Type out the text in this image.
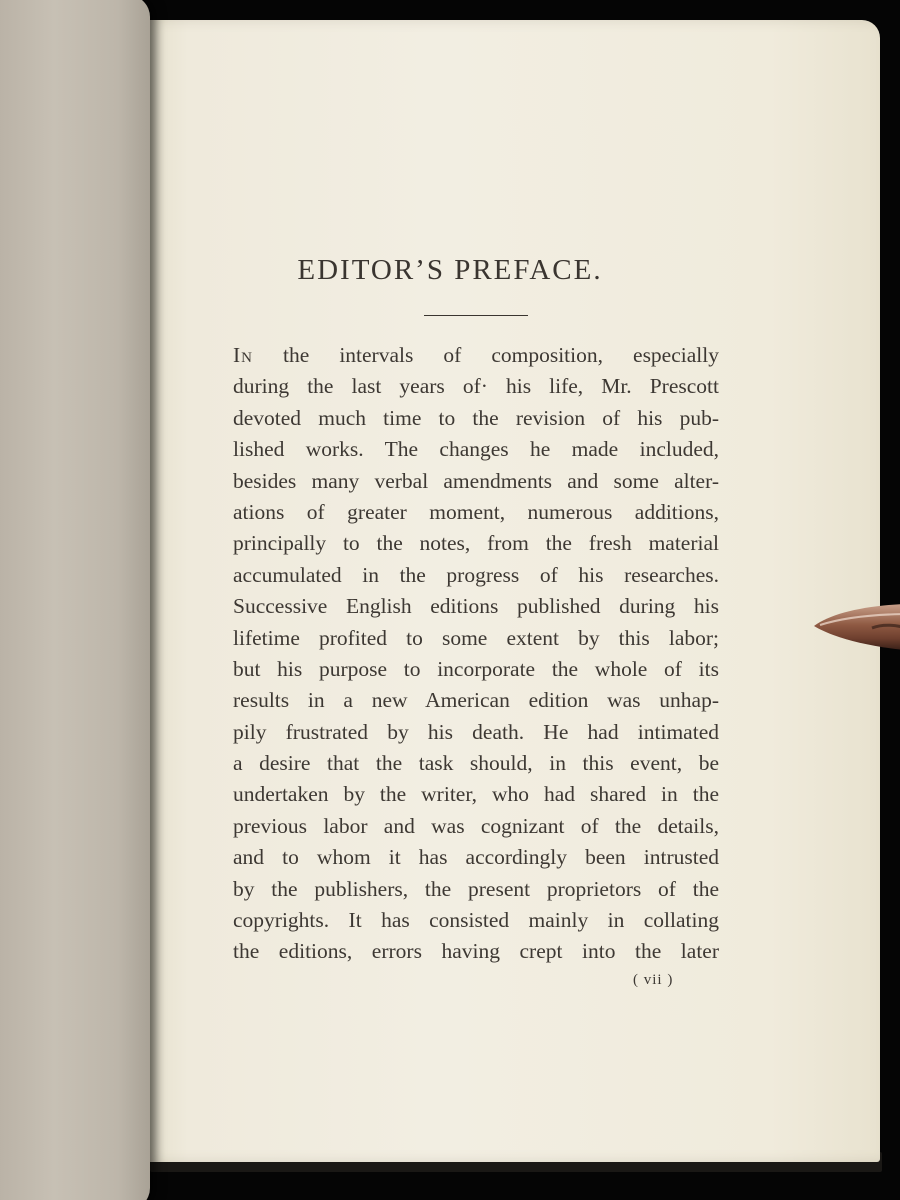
EDITOR’S PREFACE.
In the intervals of composition, especially
during the last years of· his life, Mr. Prescott
devoted much time to the revision of his pub-
lished works. The changes he made included,
besides many verbal amendments and some alter-
ations of greater moment, numerous additions,
principally to the notes, from the fresh material
accumulated in the progress of his researches.
Successive English editions published during his
lifetime profited to some extent by this labor;
but his purpose to incorporate the whole of its
results in a new American edition was unhap-
pily frustrated by his death. He had intimated
a desire that the task should, in this event, be
undertaken by the writer, who had shared in the
previous labor and was cognizant of the details,
and to whom it has accordingly been intrusted
by the publishers, the present proprietors of the
copyrights. It has consisted mainly in collating
the editions, errors having crept into the later
( vii )
